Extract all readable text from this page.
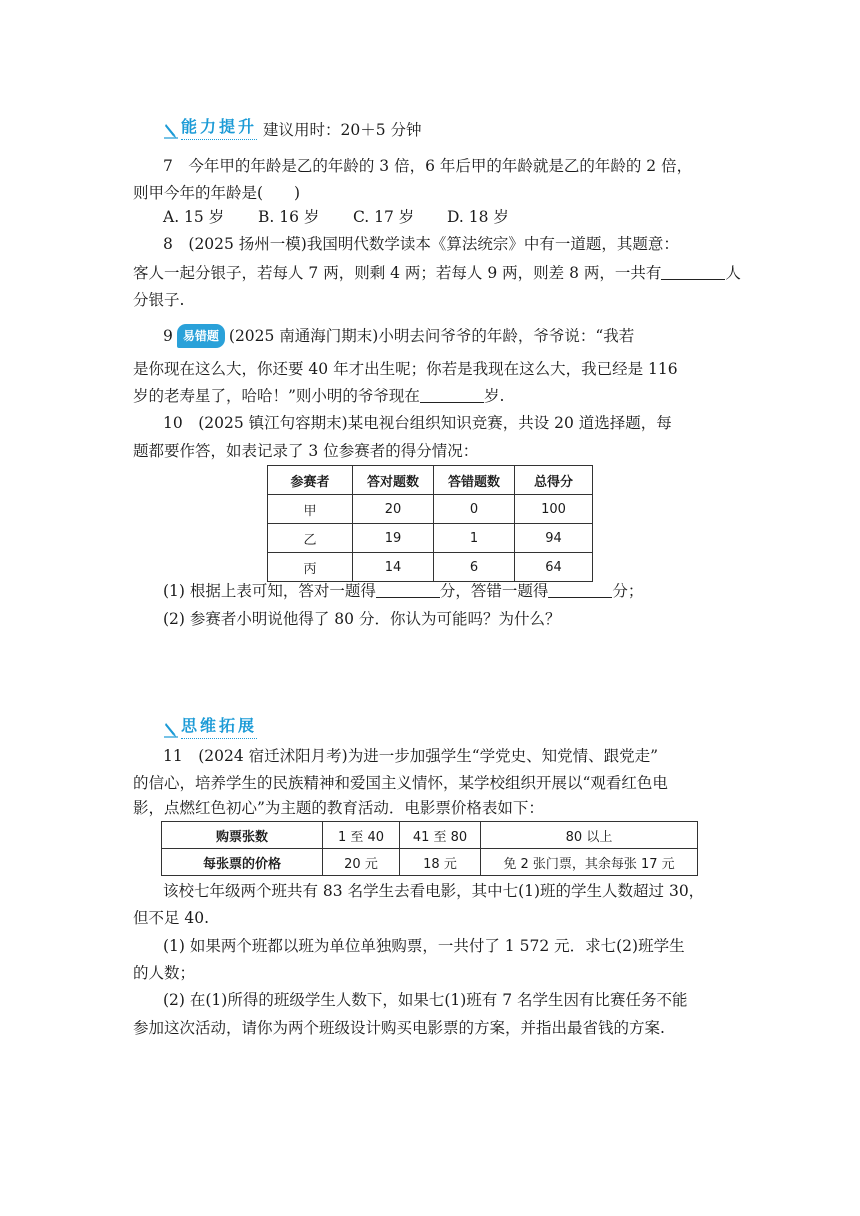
能力提升 建议用时：20＋5 分钟
7　今年甲的年龄是乙的年龄的 3 倍，6 年后甲的年龄就是乙的年龄的 2 倍，
则甲今年的年龄是(　　)
A. 15 岁 B. 16 岁 C. 17 岁 D. 18 岁
8　 (2025 扬州一模)我国明代数学读本《算法统宗》中有一道题，其题意：
客人一起分银子，若每人 7 两，则剩 4 两；若每人 9 两，则差 8 两，一共有	人
分银子.
9 易错题 (2025 南通海门期末)小明去问爷爷的年龄，爷爷说：“我若
是你现在这么大，你还要 40 年才出生呢；你若是我现在这么大，我已经是 116
岁的老寿星了，哈哈！”则小明的爷爷现在	岁.
10　 (2025 镇江句容期末)某电视台组织知识竞赛，共设 20 道选择题，每
题都要作答，如表记录了 3 位参赛者的得分情况：
参赛者	答对题数	答错题数	总得分
甲	20	0	100
乙	19	1	94
丙	14	6	64
(1) 根据上表可知，答对一题得	分，答错一题得	分；
(2) 参赛者小明说他得了 80 分．你认为可能吗？为什么？
思维拓展
11　 (2024 宿迁沭阳月考)为进一步加强学生“学党史、知党情、跟党走”
的信心，培养学生的民族精神和爱国主义情怀，某学校组织开展以“观看红色电
影，点燃红色初心”为主题的教育活动．电影票价格表如下：
购票张数	1 至 40	41 至 80	80 以上
每张票的价格	20 元	18 元	免 2 张门票，其余每张 17 元
该校七年级两个班共有 83 名学生去看电影，其中七(1)班的学生人数超过 30，
但不足 40.
(1) 如果两个班都以班为单位单独购票，一共付了 1 572 元．求七(2)班学生
的人数；
(2) 在(1)所得的班级学生人数下，如果七(1)班有 7 名学生因有比赛任务不能
参加这次活动，请你为两个班级设计购买电影票的方案，并指出最省钱的方案.
